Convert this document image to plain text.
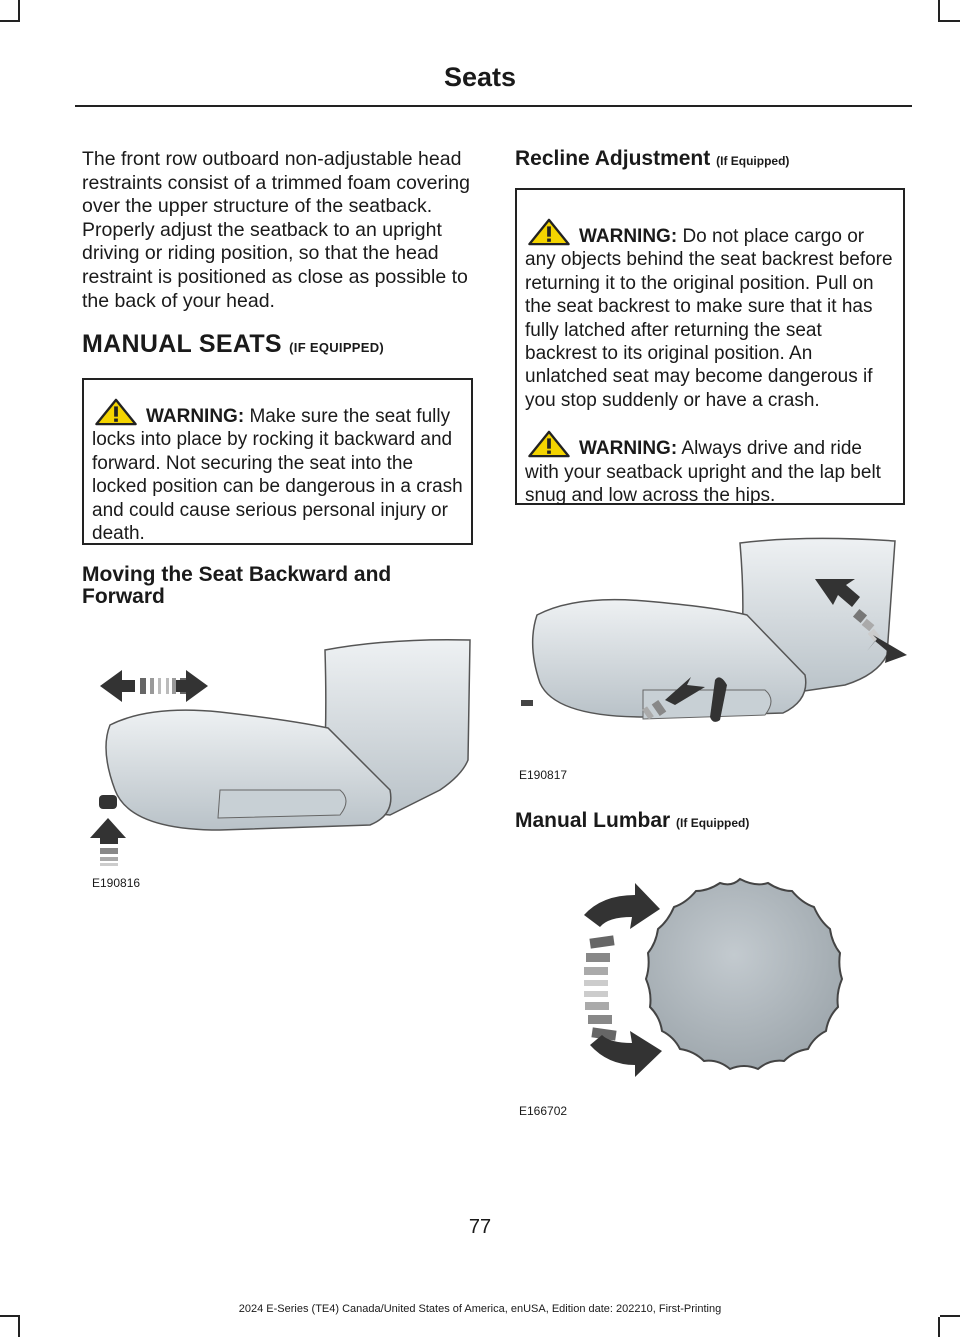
Seats
The front row outboard non-adjustable head restraints consist of a trimmed foam covering over the upper structure of the seatback. Properly adjust the seatback to an upright driving or riding position, so that the head restraint is positioned as close as possible to the back of your head.
MANUAL SEATS (IF EQUIPPED)

WARNING: Make sure the seat fully locks into place by rocking it backward and forward. Not securing the seat into the locked position can be dangerous in a crash and could cause serious personal injury or death.

Moving the Seat Backward and Forward
E190816
Recline Adjustment (If Equipped)

WARNING: Do not place cargo or any objects behind the seat backrest before returning it to the original position. Pull on the seat backrest to make sure that it has fully latched after returning the seat backrest to its original position. An unlatched seat may become dangerous if you stop suddenly or have a crash.

WARNING: Always drive and ride with your seatback upright and the lap belt snug and low across the hips.

E190817
Manual Lumbar (If Equipped)
E166702
77
2024 E-Series (TE4) Canada/United States of America, enUSA, Edition date: 202210, First-Printing
